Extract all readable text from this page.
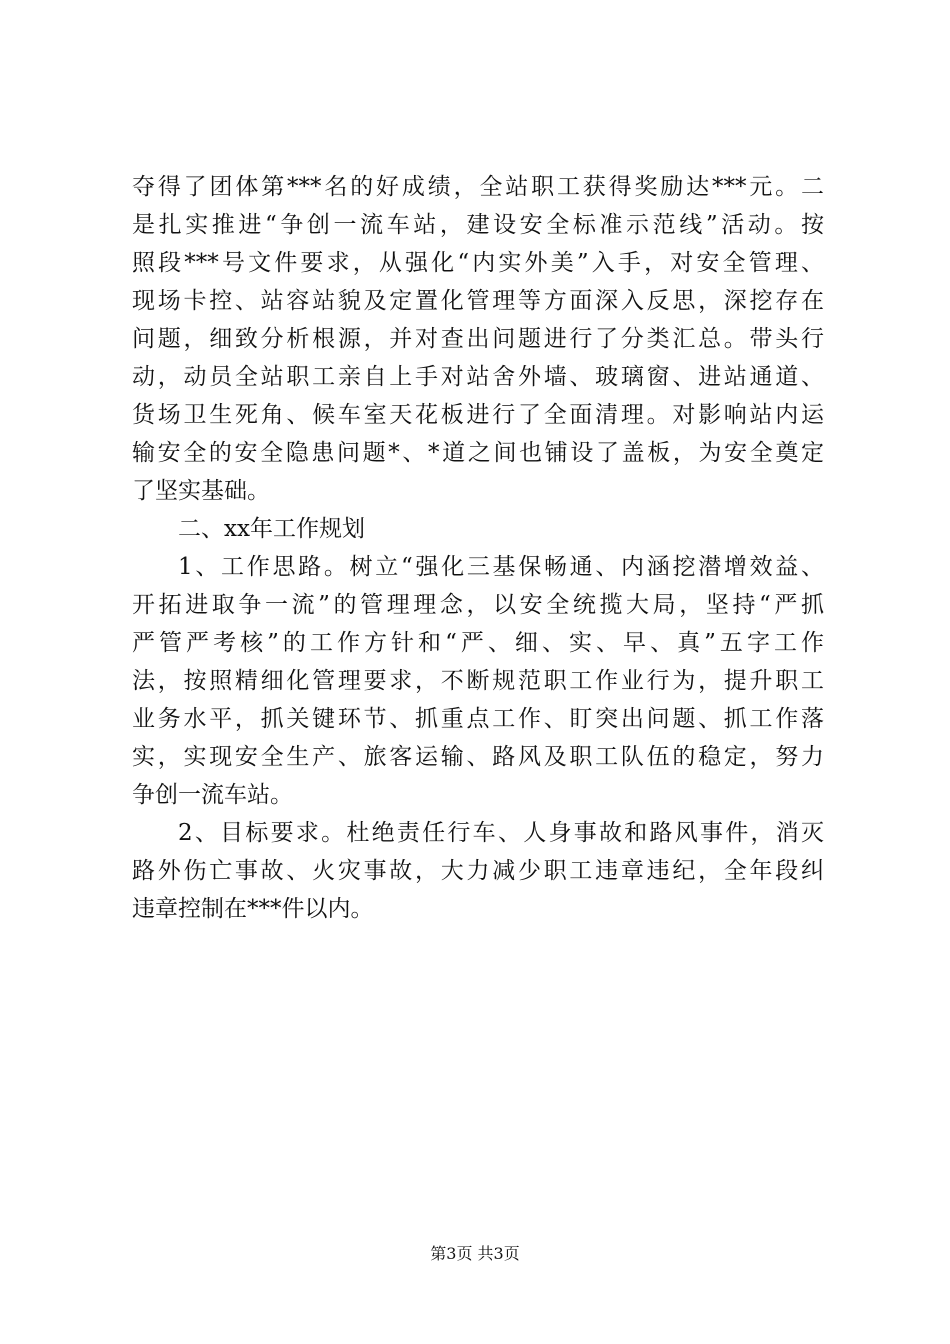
夺得了团体第***名的好成绩，全站职工获得奖励达***元。二
是扎实推进“争创一流车站，建设安全标准示范线”活动。按
照段***号文件要求，从强化“内实外美”入手，对安全管理、
现场卡控、站容站貌及定置化管理等方面深入反思，深挖存在
问题，细致分析根源，并对查出问题进行了分类汇总。带头行
动，动员全站职工亲自上手对站舍外墙、玻璃窗、进站通道、
货场卫生死角、候车室天花板进行了全面清理。对影响站内运
输安全的安全隐患问题*、*道之间也铺设了盖板，为安全奠定
了坚实基础。
二、xx年工作规划
1、工作思路。树立“强化三基保畅通、内涵挖潜增效益、
开拓进取争一流”的管理理念，以安全统揽大局，坚持“严抓
严管严考核”的工作方针和“严、细、实、早、真”五字工作
法，按照精细化管理要求，不断规范职工作业行为，提升职工
业务水平，抓关键环节、抓重点工作、盯突出问题、抓工作落
实，实现安全生产、旅客运输、路风及职工队伍的稳定，努力
争创一流车站。
2、目标要求。杜绝责任行车、人身事故和路风事件，消灭
路外伤亡事故、火灾事故，大力减少职工违章违纪，全年段纠
违章控制在***件以内。
第3页 共3页
